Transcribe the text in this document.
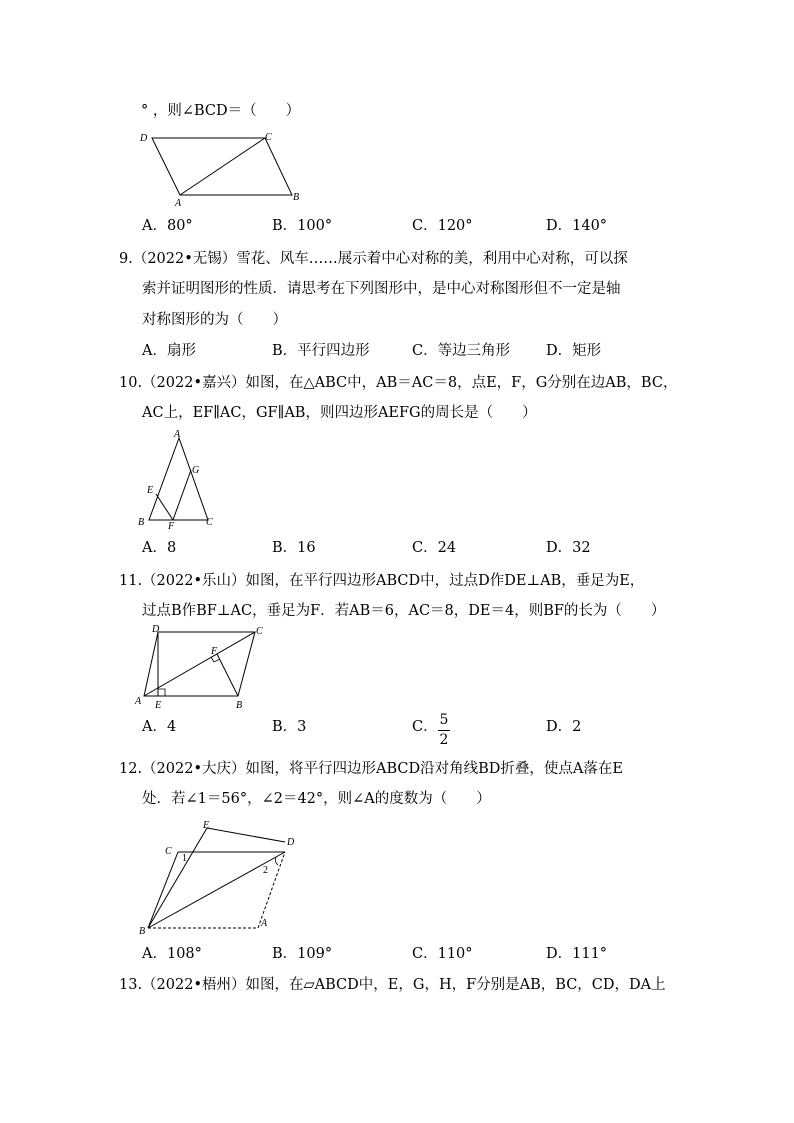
° ，则∠BCD＝（　　）
D	C
A
B
A．80°	B．100°	C．120°	D．140°
9.（2022•无锡）雪花、风车……展示着中心对称的美，利用中心对称，可以探
索并证明图形的性质．请思考在下列图形中，是中心对称图形但不一定是轴
对称图形的为（　　）
A．扇形	B．平行四边形	C．等边三角形 D．矩形
10.（2022•嘉兴）如图，在△ABC中，AB＝AC＝8，点E，F，G分别在边AB，BC，
AC上，EF∥AC，GF∥AB，则四边形AEFG的周长是（　　）
A
G
E
B F	C
A．8	B．16	C．24	D．32
11.（2022•乐山）如图，在平行四边形ABCD中，过点D作DE⊥AB，垂足为E，
过点B作BF⊥AC，垂足为F．若AB＝6，AC＝8，DE＝4，则BF的长为（　　）
D	C
F
A E	B
A．4	B．3	C． 5
2
D．2
12.（2022•大庆）如图，将平行四边形ABCD沿对角线BD折叠，使点A落在E
处．若∠1＝56°，∠2＝42°，则∠A的度数为（　　）
E
C
D
1
2
B
A
A．108°	B．109°	C．110°	D．111°
13.（2022•梧州）如图，在▱ABCD中，E，G，H，F分别是AB，BC，CD，DA上
